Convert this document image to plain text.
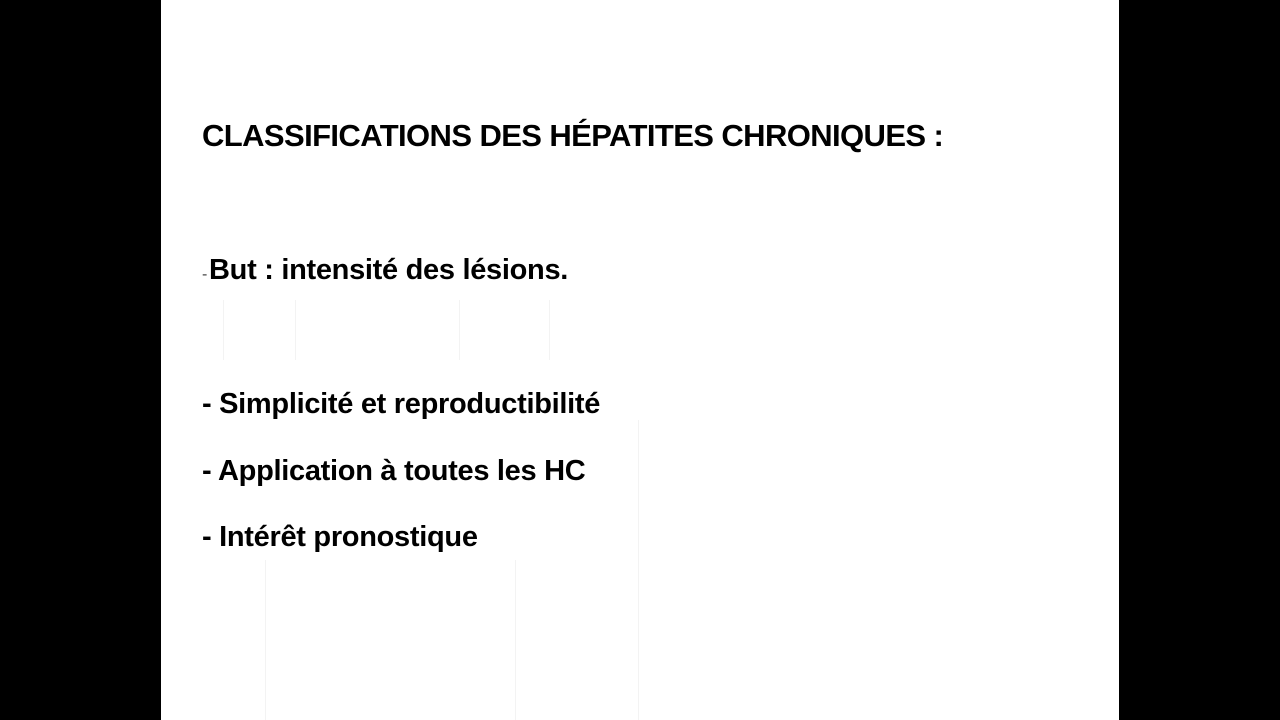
CLASSIFICATIONS DES HÉPATITES CHRONIQUES :

-But : intensité des lésions.

- Simplicité et reproductibilité

- Application à toutes les HC

- Intérêt pronostique
